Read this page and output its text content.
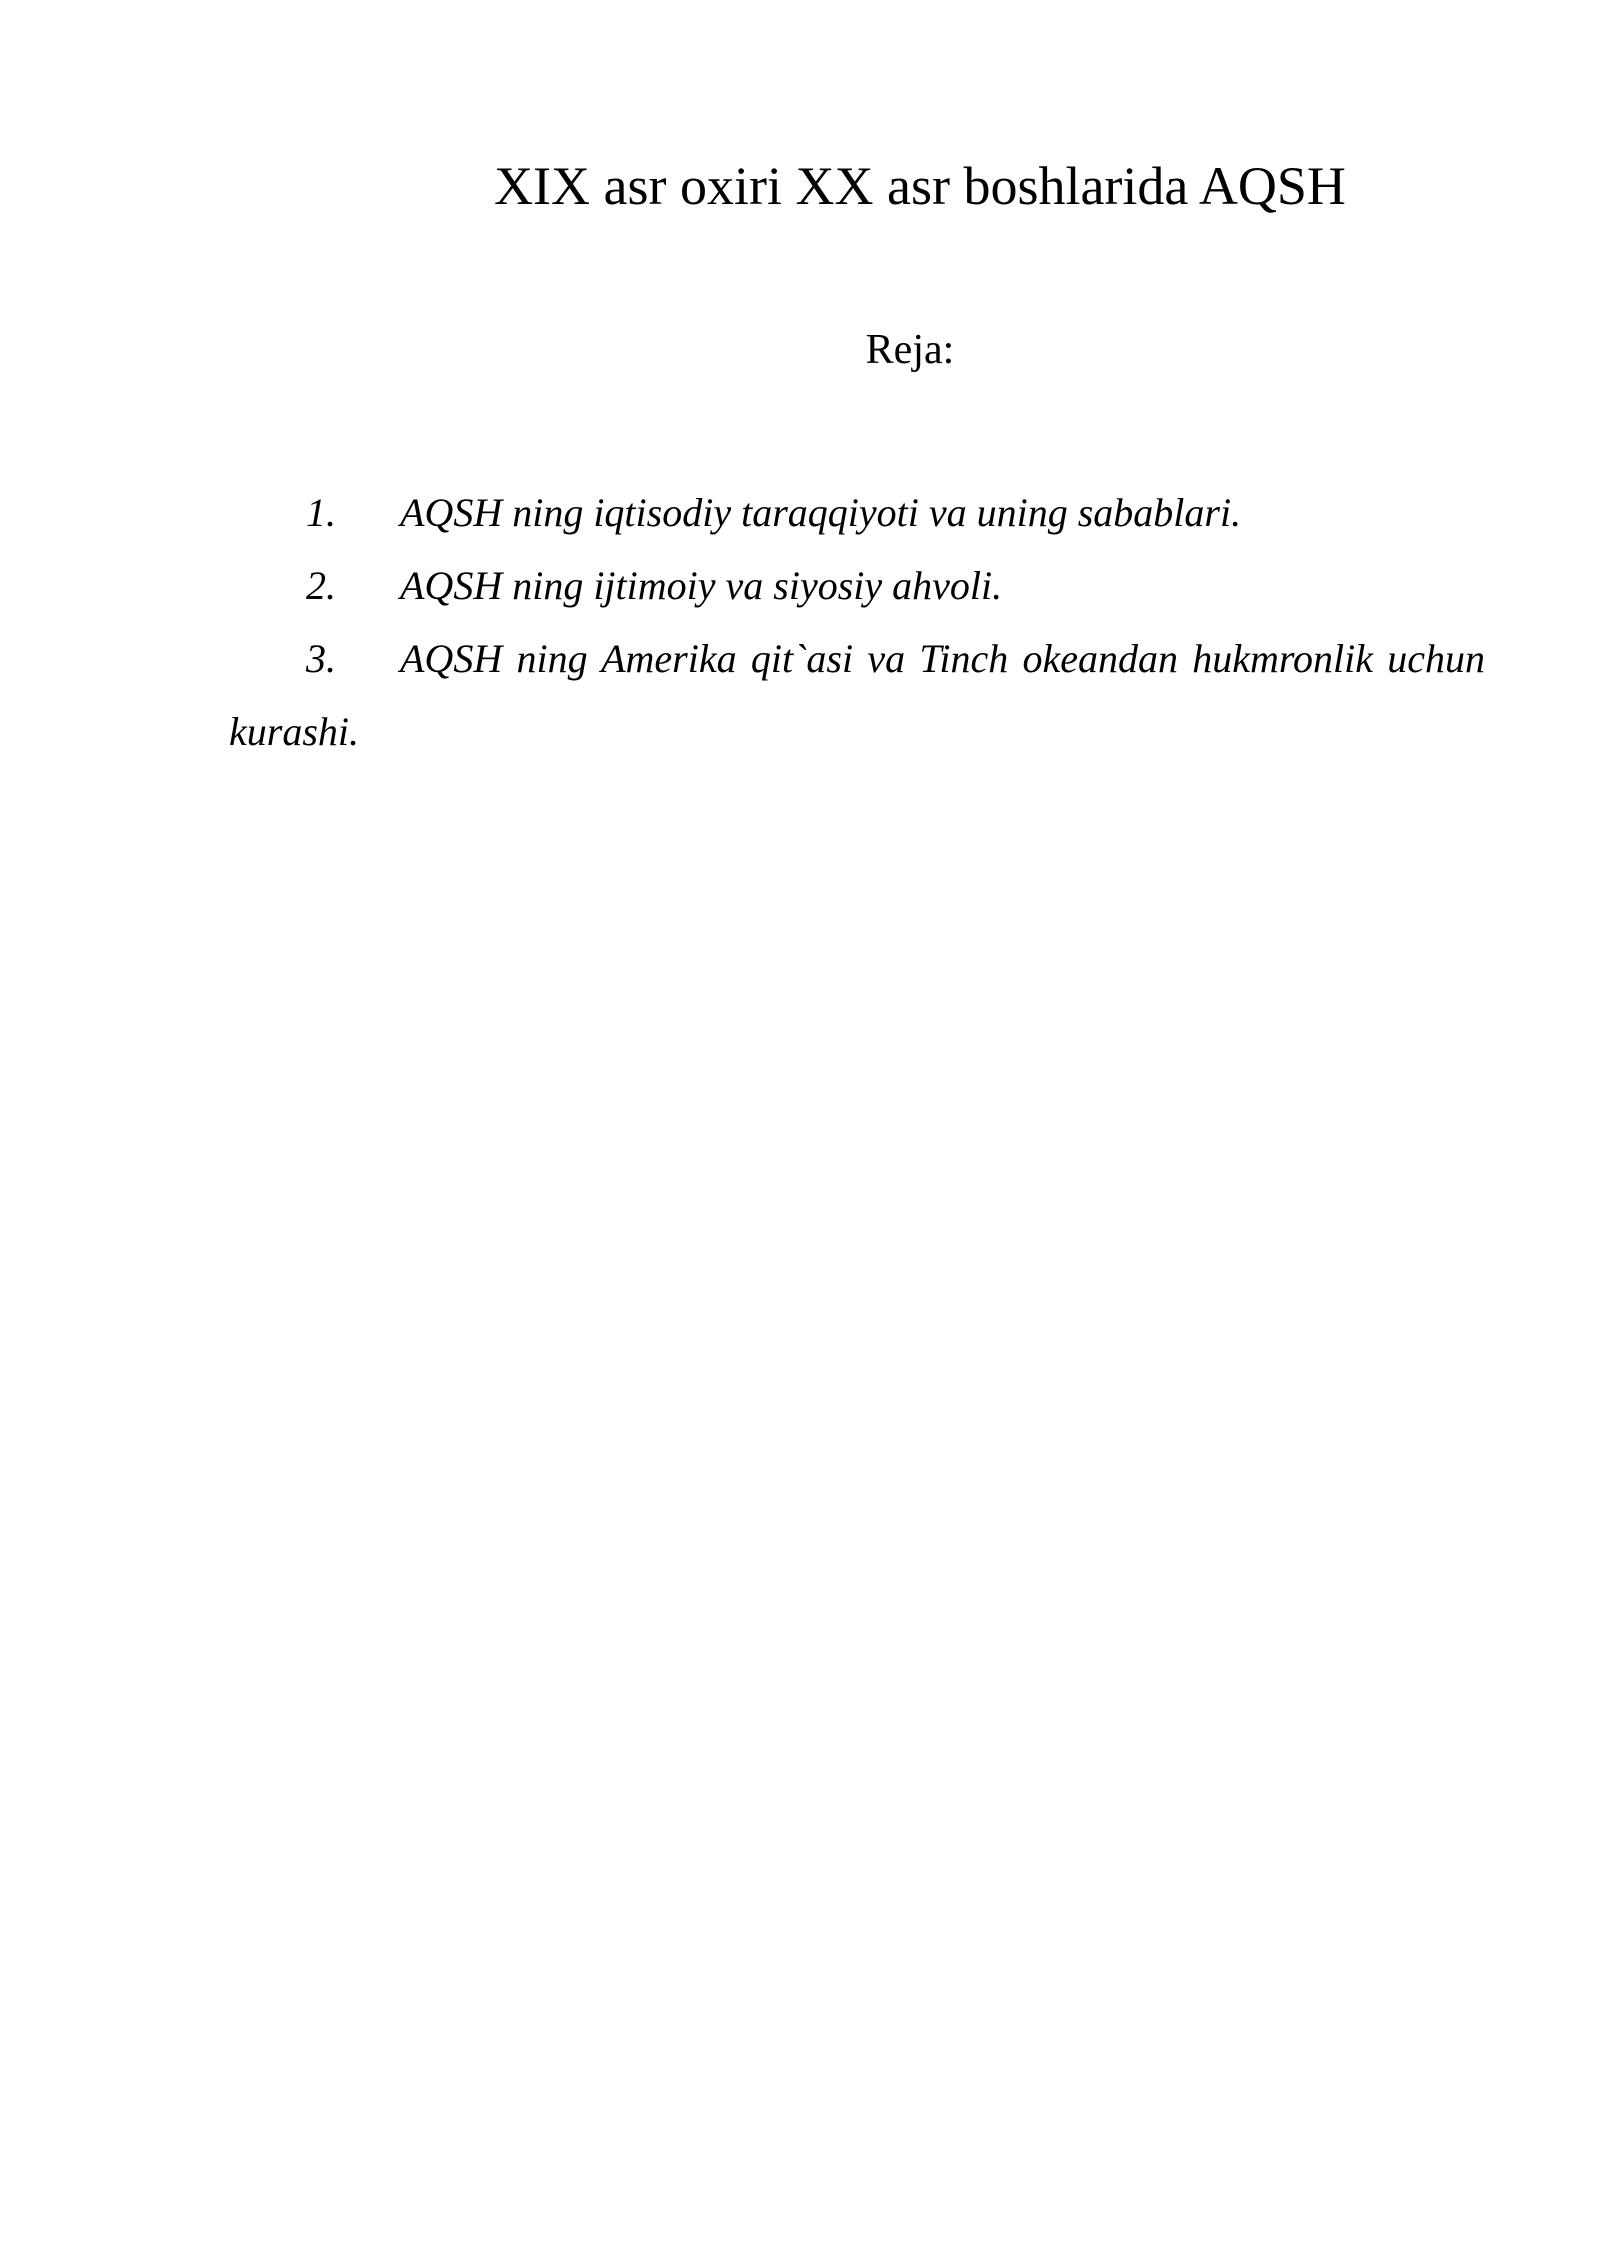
XIX asr oxiri XX asr boshlarida AQSH
Reja:
1. AQSH ning iqtisodiy taraqqiyoti va uning sabablari.
2. AQSH ning ijtimoiy va siyosiy ahvoli.
3. AQSH ning Amerika qit`asi va Tinch okeandan hukmronlik uchun kurashi.
